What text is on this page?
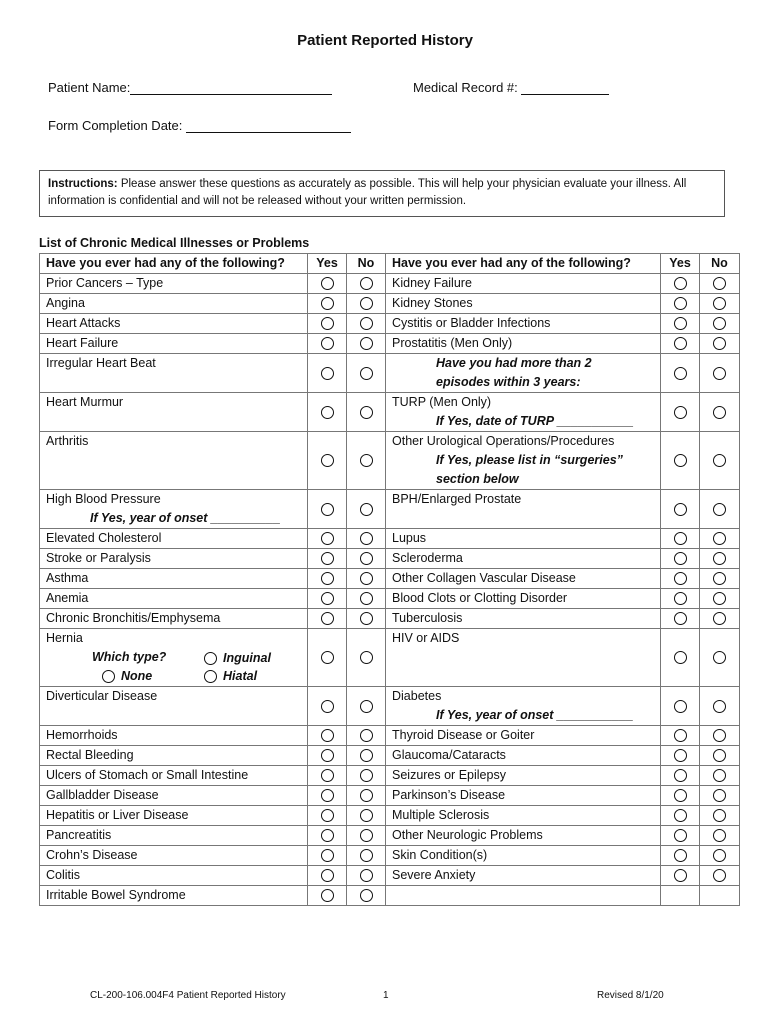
Patient Reported History
Patient Name:	Medical Record #:
Form Completion Date:
Instructions: Please answer these questions as accurately as possible. This will help your physician evaluate your illness. All information is confidential and will not be released without your written permission.
List of Chronic Medical Illnesses or Problems
Have you ever had any of the following?	Yes	No	Have you ever had any of the following?	Yes	No
Prior Cancers – Type			Kidney Failure		
Angina			Kidney Stones		
Heart Attacks			Cystitis or Bladder Infections		
Heart Failure			Prostatitis (Men Only)		
Irregular Heart Beat			Have you had more than 2 episodes within 3 years:		

Heart Murmur			TURP (Men Only)
If Yes, date of TURP ___________		

Arthritis			Other Urological Operations/Procedures
If Yes, please list in “surgeries” section below		

High Blood Pressure
If Yes, year of onset __________			BPH/Enlarged Prostate		
Elevated Cholesterol			Lupus		
Stroke or Paralysis			Scleroderma		
Asthma			Other Collagen Vascular Disease		
Anemia			Blood Clots or Clotting Disorder		
Chronic Bronchitis/Emphysema			Tuberculosis		
Hernia
Which type? Inguinal
None Hiatal			HIV or AIDS		
Diverticular Disease			Diabetes
If Yes, year of onset ___________		

Hemorrhoids			Thyroid Disease or Goiter		
Rectal Bleeding			Glaucoma/Cataracts		
Ulcers of Stomach or Small Intestine			Seizures or Epilepsy		
Gallbladder Disease			Parkinson’s Disease		
Hepatitis or Liver Disease			Multiple Sclerosis		
Pancreatitis			Other Neurologic Problems		
Crohn’s Disease			Skin Condition(s)		
Colitis			Severe Anxiety		
Irritable Bowel Syndrome					
CL-200-106.004F4 Patient Reported History	1	Revised 8/1/20
